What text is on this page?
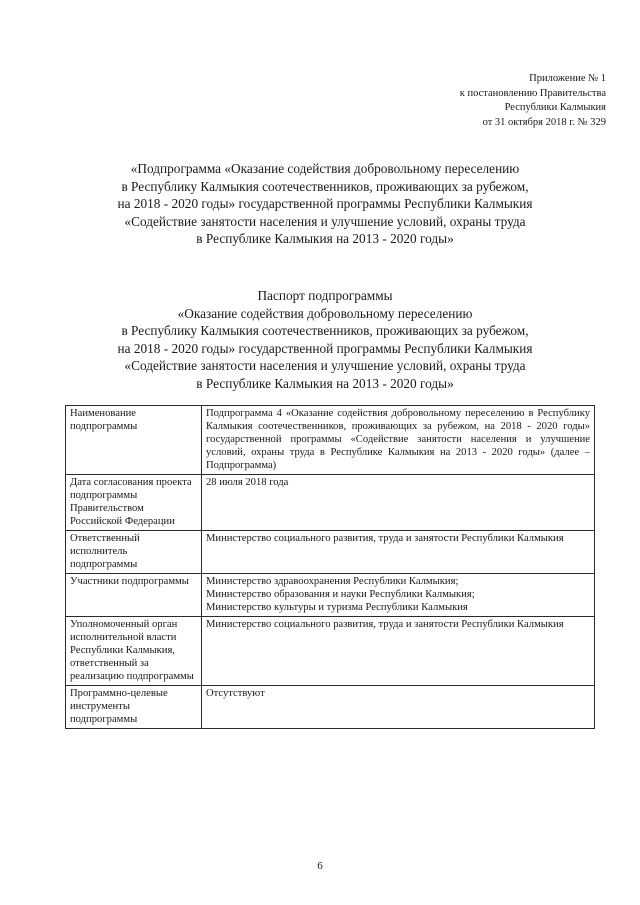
Приложение № 1
к постановлению Правительства
Республики Калмыкия
от 31 октября 2018 г. № 329
«Подпрограмма «Оказание содействия добровольному переселению
в Республику Калмыкия соотечественников, проживающих за рубежом,
на 2018 - 2020 годы» государственной программы Республики Калмыкия
«Содействие занятости населения и улучшение условий, охраны труда
в Республике Калмыкия на 2013 - 2020 годы»
Паспорт подпрограммы
«Оказание содействия добровольному переселению
в Республику Калмыкия соотечественников, проживающих за рубежом,
на 2018 - 2020 годы» государственной программы Республики Калмыкия
«Содействие занятости населения и улучшение условий, охраны труда
в Республике Калмыкия на 2013 - 2020 годы»
Наименование подпрограммы	Подпрограмма 4 «Оказание содействия добровольному переселению в Республику Калмыкия соотечественников, проживающих за рубежом, на 2018 - 2020 годы» государственной программы «Содействие занятости населения и улучшение условий, охраны труда в Республике Калмыкия на 2013 - 2020 годы» (далее – Подпрограмма)
Дата согласования проекта подпрограммы Правительством Российской Федерации	28 июля 2018 года
Ответственный исполнитель подпрограммы	Министерство социального развития, труда и занятости Республики Калмыкия
Участники подпрограммы	Министерство здравоохранения Республики Калмыкия;
Министерство образования и науки Республики Калмыкия;
Министерство культуры и туризма Республики Калмыкия

Уполномоченный орган исполнительной власти Республики Калмыкия, ответственный за реализацию подпрограммы	Министерство социального развития, труда и занятости Республики Калмыкия
Программно-целевые инструменты подпрограммы	Отсутствуют
6
